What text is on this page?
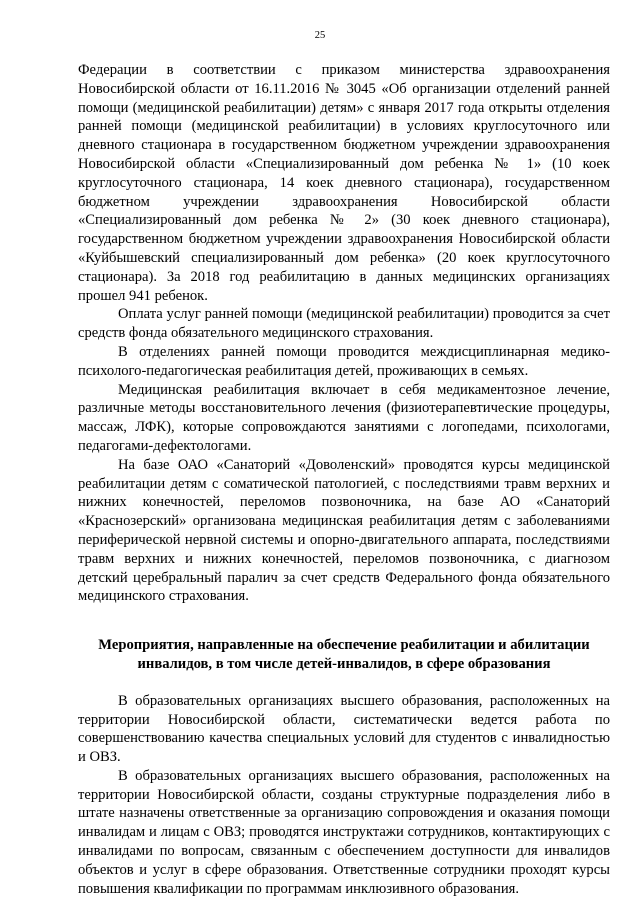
25

Федерации в соответствии с приказом министерства здравоохранения Новосибирской области от 16.11.2016 № 3045 «Об организации отделений ранней помощи (медицинской реабилитации) детям» с января 2017 года открыты отделения ранней помощи (медицинской реабилитации) в условиях круглосуточного или дневного стационара в государственном бюджетном учреждении здравоохранения Новосибирской области «Специализированный дом ребенка № 1» (10 коек круглосуточного стационара, 14 коек дневного стационара), государственном бюджетном учреждении здравоохранения Новосибирской области «Специализированный дом ребенка № 2» (30 коек дневного стационара), государственном бюджетном учреждении здравоохранения Новосибирской области «Куйбышевский специализированный дом ребенка» (20 коек круглосуточного стационара). За 2018 год реабилитацию в данных медицинских организациях прошел 941 ребенок.

Оплата услуг ранней помощи (медицинской реабилитации) проводится за счет средств фонда обязательного медицинского страхования.

В отделениях ранней помощи проводится междисциплинарная медико-психолого-педагогическая реабилитация детей, проживающих в семьях.

Медицинская реабилитация включает в себя медикаментозное лечение, различные методы восстановительного лечения (физиотерапевтические процедуры, массаж, ЛФК), которые сопровождаются занятиями с логопедами, психологами, педагогами-дефектологами.

На базе ОАО «Санаторий «Доволенский» проводятся курсы медицинской реабилитации детям с соматической патологией, с последствиями травм верхних и нижних конечностей, переломов позвоночника, на базе АО «Санаторий «Краснозерский» организована медицинская реабилитация детям с заболеваниями периферической нервной системы и опорно-двигательного аппарата, последствиями травм верхних и нижних конечностей, переломов позвоночника, с диагнозом детский церебральный паралич за счет средств Федерального фонда обязательного медицинского страхования.

Мероприятия, направленные на обеспечение реабилитации и абилитации инвалидов, в том числе детей-инвалидов, в сфере образования

В образовательных организациях высшего образования, расположенных на территории Новосибирской области, систематически ведется работа по совершенствованию качества специальных условий для студентов с инвалидностью и ОВЗ.

В образовательных организациях высшего образования, расположенных на территории Новосибирской области, созданы структурные подразделения либо в штате назначены ответственные за организацию сопровождения и оказания помощи инвалидам и лицам с ОВЗ; проводятся инструктажи сотрудников, контактирующих с инвалидами по вопросам, связанным с обеспечением доступности для инвалидов объектов и услуг в сфере образования. Ответственные сотрудники проходят курсы повышения квалификации по программам инклюзивного образования.
